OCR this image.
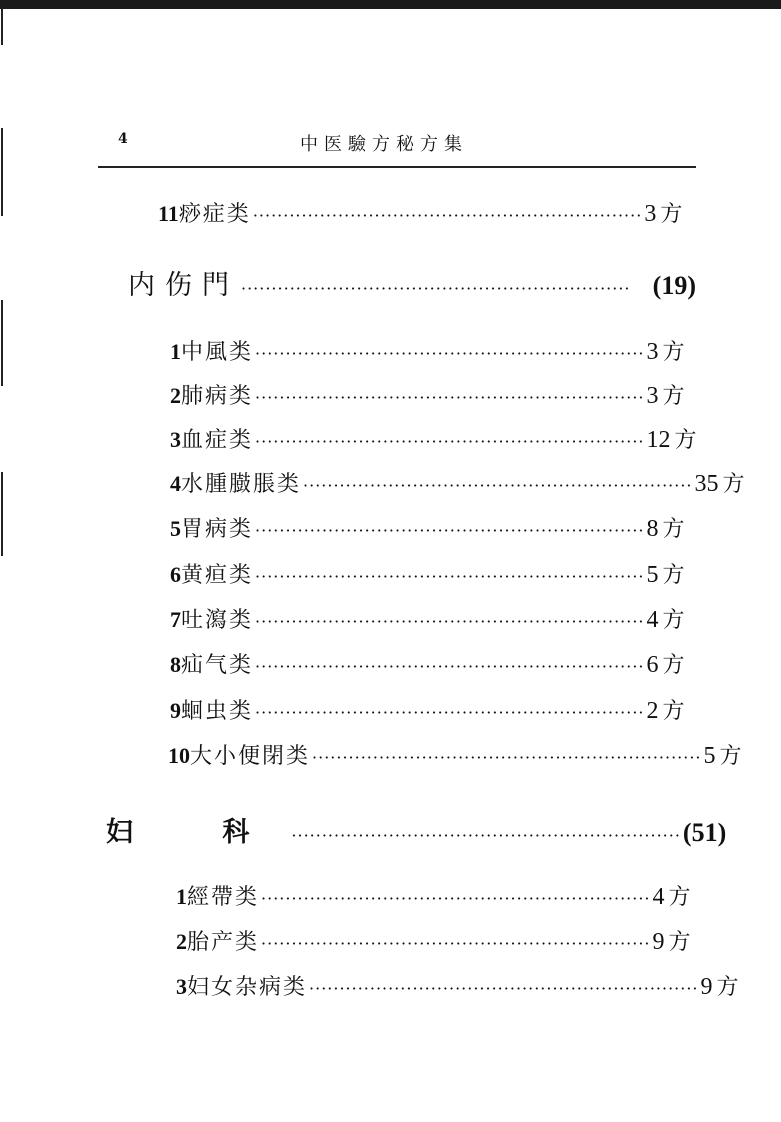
4	中医驗方秘方集
11 痧症类 ································································ 3 方
内伤門 ································································ (19)
1 中風类 ································································ 3 方
2 肺病类 ································································ 3 方
3 血症类 ································································ 12 方
4 水腫臌脹类 ································································ 35 方
5 胃病类 ································································ 8 方
6 黄疸类 ································································ 5 方
7 吐瀉类 ································································ 4 方
8 疝气类 ································································ 6 方
9 蛔虫类 ································································ 2 方
10 大小便閉类 ································································ 5 方
妇 科 ································································ (51)
1 經帶类 ································································ 4 方
2 胎产类 ································································ 9 方
3 妇女杂病类 ································································ 9 方
